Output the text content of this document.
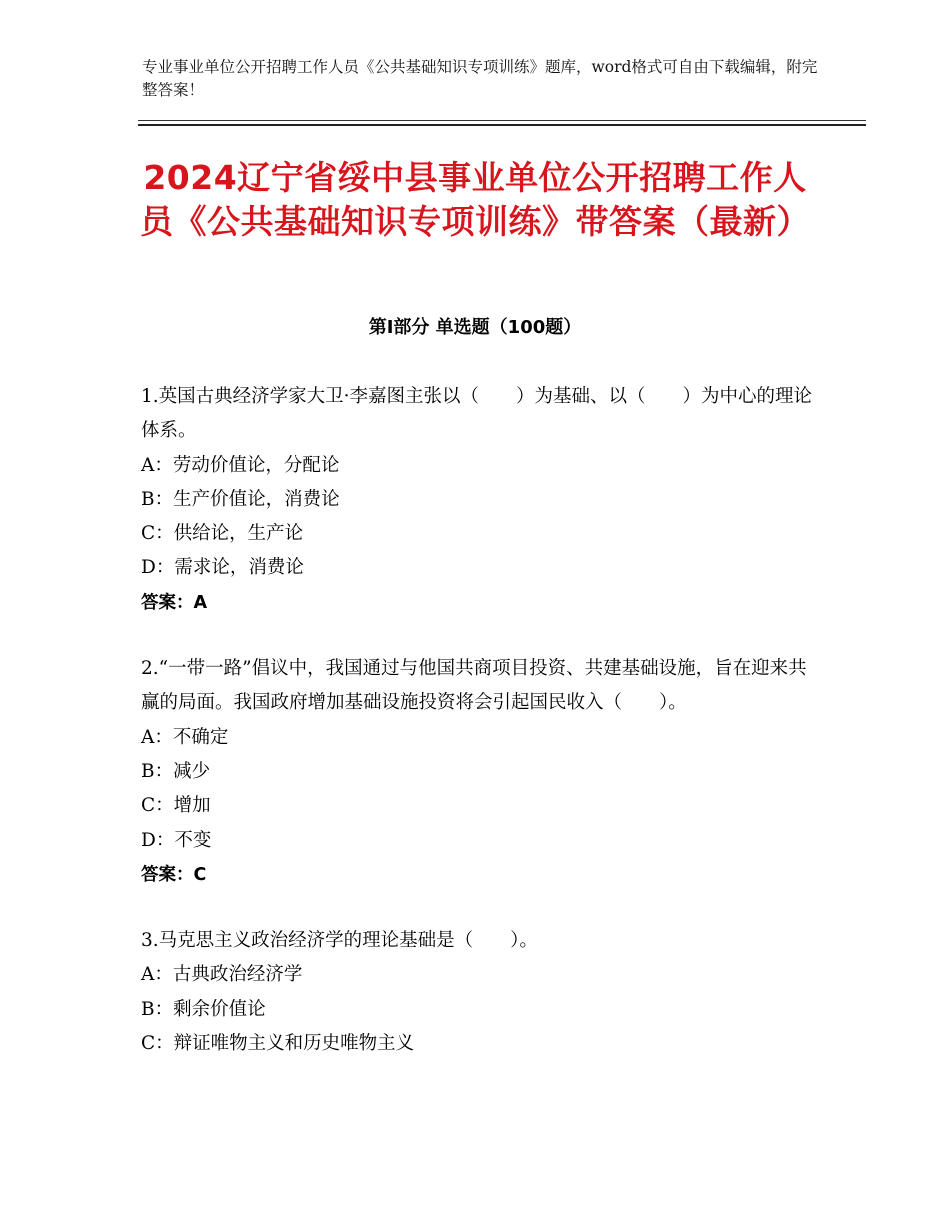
专业事业单位公开招聘工作人员《公共基础知识专项训练》题库，word格式可自由下载编辑，附完整答案！
2024辽宁省绥中县事业单位公开招聘工作人员《公共基础知识专项训练》带答案（最新）
第Ⅰ部分 单选题（100题）
1.英国古典经济学家大卫·李嘉图主张以（　　）为基础、以（　　）为中心的理论体系。
A：劳动价值论，分配论
B：生产价值论，消费论
C：供给论，生产论
D：需求论，消费论
答案：A
2.“一带一路”倡议中，我国通过与他国共商项目投资、共建基础设施，旨在迎来共赢的局面。我国政府增加基础设施投资将会引起国民收入（　　）。
A：不确定
B：减少
C：增加
D：不变
答案：C
3.马克思主义政治经济学的理论基础是（　　）。
A：古典政治经济学
B：剩余价值论
C：辩证唯物主义和历史唯物主义
